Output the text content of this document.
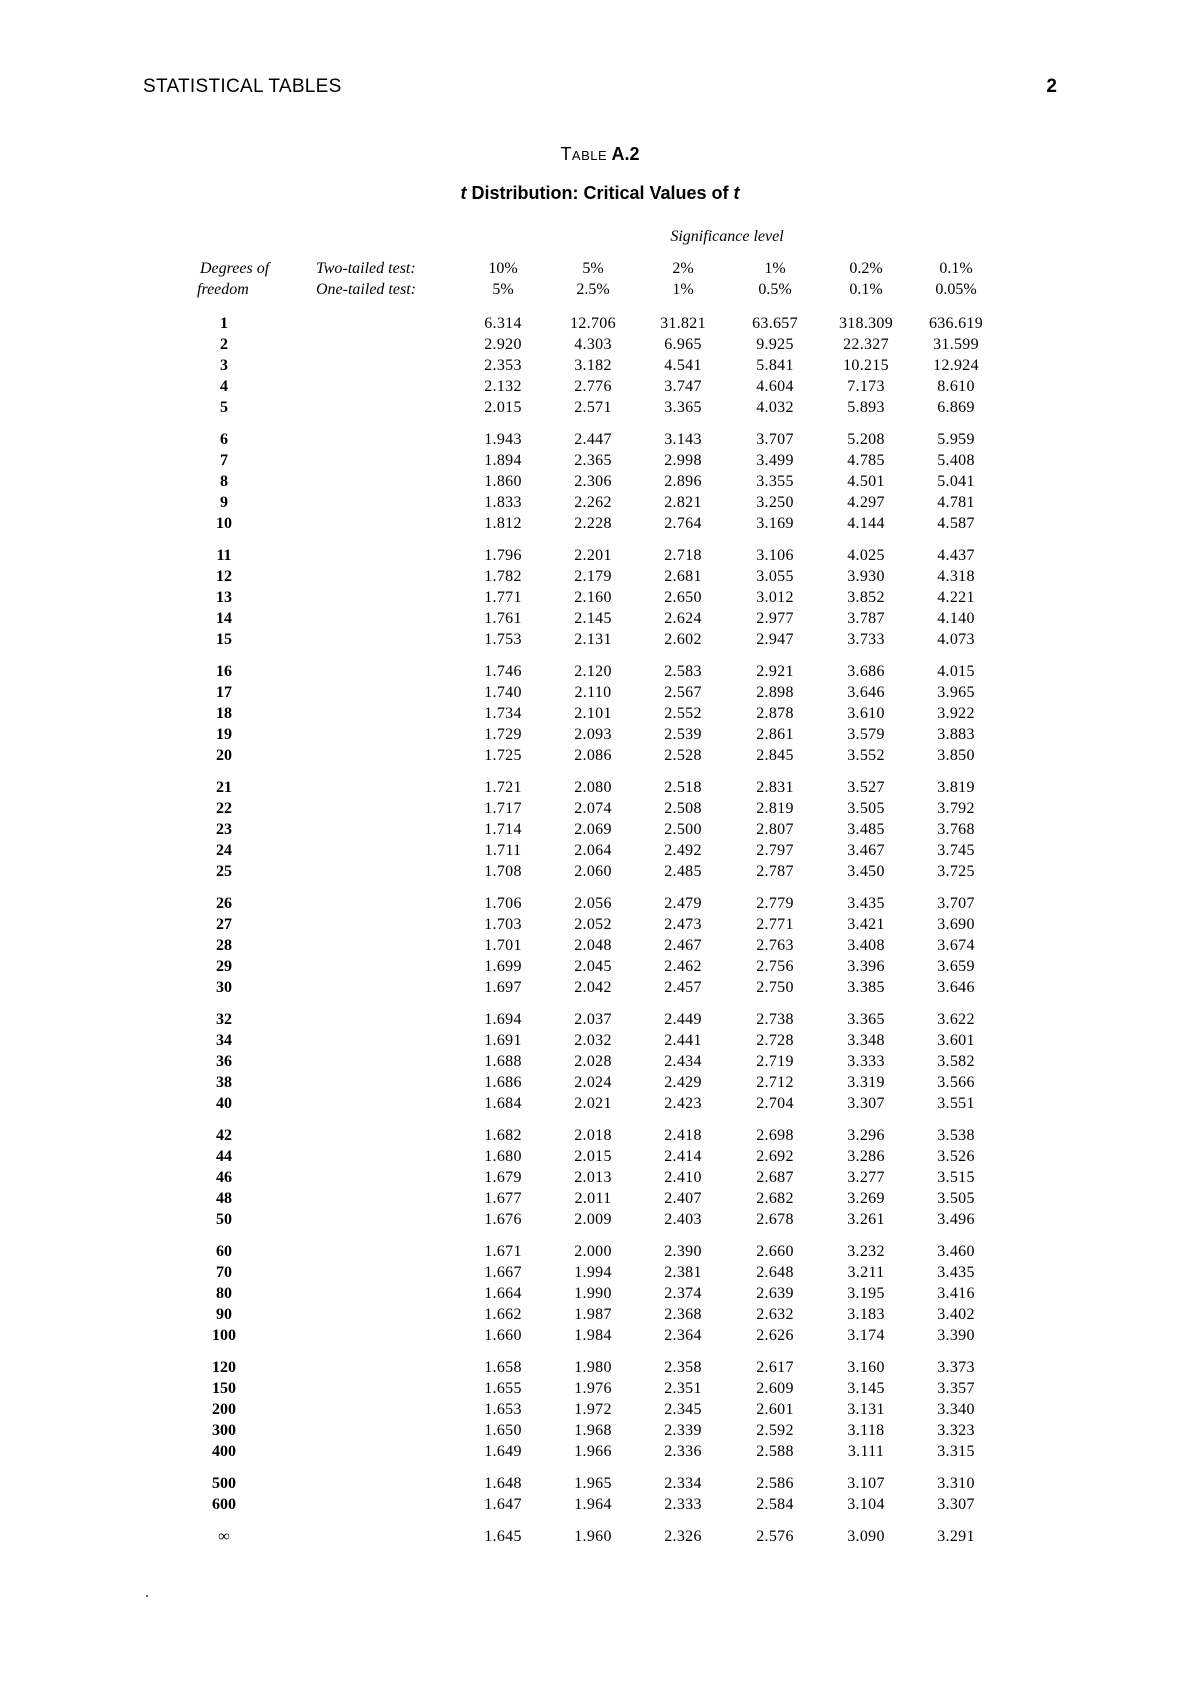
STATISTICAL TABLES	2
Table A.2
t Distribution: Critical Values of t
Significance level
Degrees of
freedom
Two-tailed test:
One-tailed test:
10%	5%	2%	1%	0.2%	0.1%
5%	2.5%	1%	0.5%	0.1%	0.05%
1	6.314	12.706	31.821	63.657	318.309	636.619
2	2.920	4.303	6.965	9.925	22.327	31.599
3	2.353	3.182	4.541	5.841	10.215	12.924
4	2.132	2.776	3.747	4.604	7.173	8.610
5	2.015	2.571	3.365	4.032	5.893	6.869
6	1.943	2.447	3.143	3.707	5.208	5.959
7	1.894	2.365	2.998	3.499	4.785	5.408
8	1.860	2.306	2.896	3.355	4.501	5.041
9	1.833	2.262	2.821	3.250	4.297	4.781
10	1.812	2.228	2.764	3.169	4.144	4.587
11	1.796	2.201	2.718	3.106	4.025	4.437
12	1.782	2.179	2.681	3.055	3.930	4.318
13	1.771	2.160	2.650	3.012	3.852	4.221
14	1.761	2.145	2.624	2.977	3.787	4.140
15	1.753	2.131	2.602	2.947	3.733	4.073
16	1.746	2.120	2.583	2.921	3.686	4.015
17	1.740	2.110	2.567	2.898	3.646	3.965
18	1.734	2.101	2.552	2.878	3.610	3.922
19	1.729	2.093	2.539	2.861	3.579	3.883
20	1.725	2.086	2.528	2.845	3.552	3.850
21	1.721	2.080	2.518	2.831	3.527	3.819
22	1.717	2.074	2.508	2.819	3.505	3.792
23	1.714	2.069	2.500	2.807	3.485	3.768
24	1.711	2.064	2.492	2.797	3.467	3.745
25	1.708	2.060	2.485	2.787	3.450	3.725
26	1.706	2.056	2.479	2.779	3.435	3.707
27	1.703	2.052	2.473	2.771	3.421	3.690
28	1.701	2.048	2.467	2.763	3.408	3.674
29	1.699	2.045	2.462	2.756	3.396	3.659
30	1.697	2.042	2.457	2.750	3.385	3.646
32	1.694	2.037	2.449	2.738	3.365	3.622
34	1.691	2.032	2.441	2.728	3.348	3.601
36	1.688	2.028	2.434	2.719	3.333	3.582
38	1.686	2.024	2.429	2.712	3.319	3.566
40	1.684	2.021	2.423	2.704	3.307	3.551
42	1.682	2.018	2.418	2.698	3.296	3.538
44	1.680	2.015	2.414	2.692	3.286	3.526
46	1.679	2.013	2.410	2.687	3.277	3.515
48	1.677	2.011	2.407	2.682	3.269	3.505
50	1.676	2.009	2.403	2.678	3.261	3.496
60	1.671	2.000	2.390	2.660	3.232	3.460
70	1.667	1.994	2.381	2.648	3.211	3.435
80	1.664	1.990	2.374	2.639	3.195	3.416
90	1.662	1.987	2.368	2.632	3.183	3.402
100	1.660	1.984	2.364	2.626	3.174	3.390
120	1.658	1.980	2.358	2.617	3.160	3.373
150	1.655	1.976	2.351	2.609	3.145	3.357
200	1.653	1.972	2.345	2.601	3.131	3.340
300	1.650	1.968	2.339	2.592	3.118	3.323
400	1.649	1.966	2.336	2.588	3.111	3.315
500	1.648	1.965	2.334	2.586	3.107	3.310
600	1.647	1.964	2.333	2.584	3.104	3.307
∞	1.645	1.960	2.326	2.576	3.090	3.291
